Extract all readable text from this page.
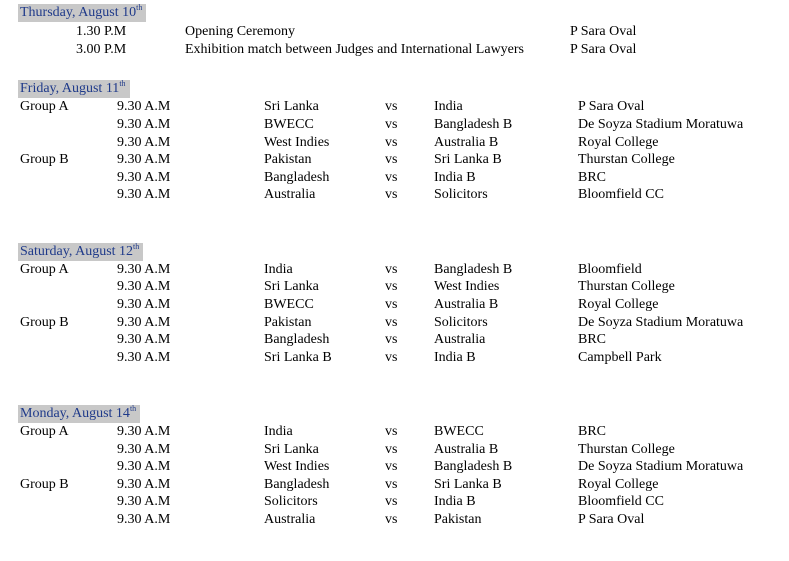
Thursday, August 10th
1.30 P.M	Opening Ceremony	P Sara Oval
3.00 P.M	Exhibition match between Judges and International Lawyers	P Sara Oval
Friday, August 11th
Group A	9.30 A.M	Sri Lanka	vs	India	P Sara Oval
9.30 A.M	BWECC	vs	Bangladesh B	De Soyza Stadium Moratuwa
9.30 A.M	West Indies	vs	Australia B	Royal College
Group B	9.30 A.M	Pakistan	vs	Sri Lanka B	Thurstan College
9.30 A.M	Bangladesh	vs	India B	BRC
9.30 A.M	Australia	vs	Solicitors	Bloomfield CC
Saturday, August 12th
Group A	9.30 A.M	India	vs	Bangladesh B	Bloomfield
9.30 A.M	Sri Lanka	vs	West Indies	Thurstan College
9.30 A.M	BWECC	vs	Australia B	Royal College
Group B	9.30 A.M	Pakistan	vs	Solicitors	De Soyza Stadium Moratuwa
9.30 A.M	Bangladesh	vs	Australia	BRC
9.30 A.M	Sri Lanka B	vs	India B	Campbell Park
Monday, August 14th
Group A	9.30 A.M	India	vs	BWECC	BRC
9.30 A.M	Sri Lanka	vs	Australia B	Thurstan College
9.30 A.M	West Indies	vs	Bangladesh B	De Soyza Stadium Moratuwa
Group B	9.30 A.M	Bangladesh	vs	Sri Lanka B	Royal College
9.30 A.M	Solicitors	vs	India B	Bloomfield CC
9.30 A.M	Australia	vs	Pakistan	P Sara Oval
